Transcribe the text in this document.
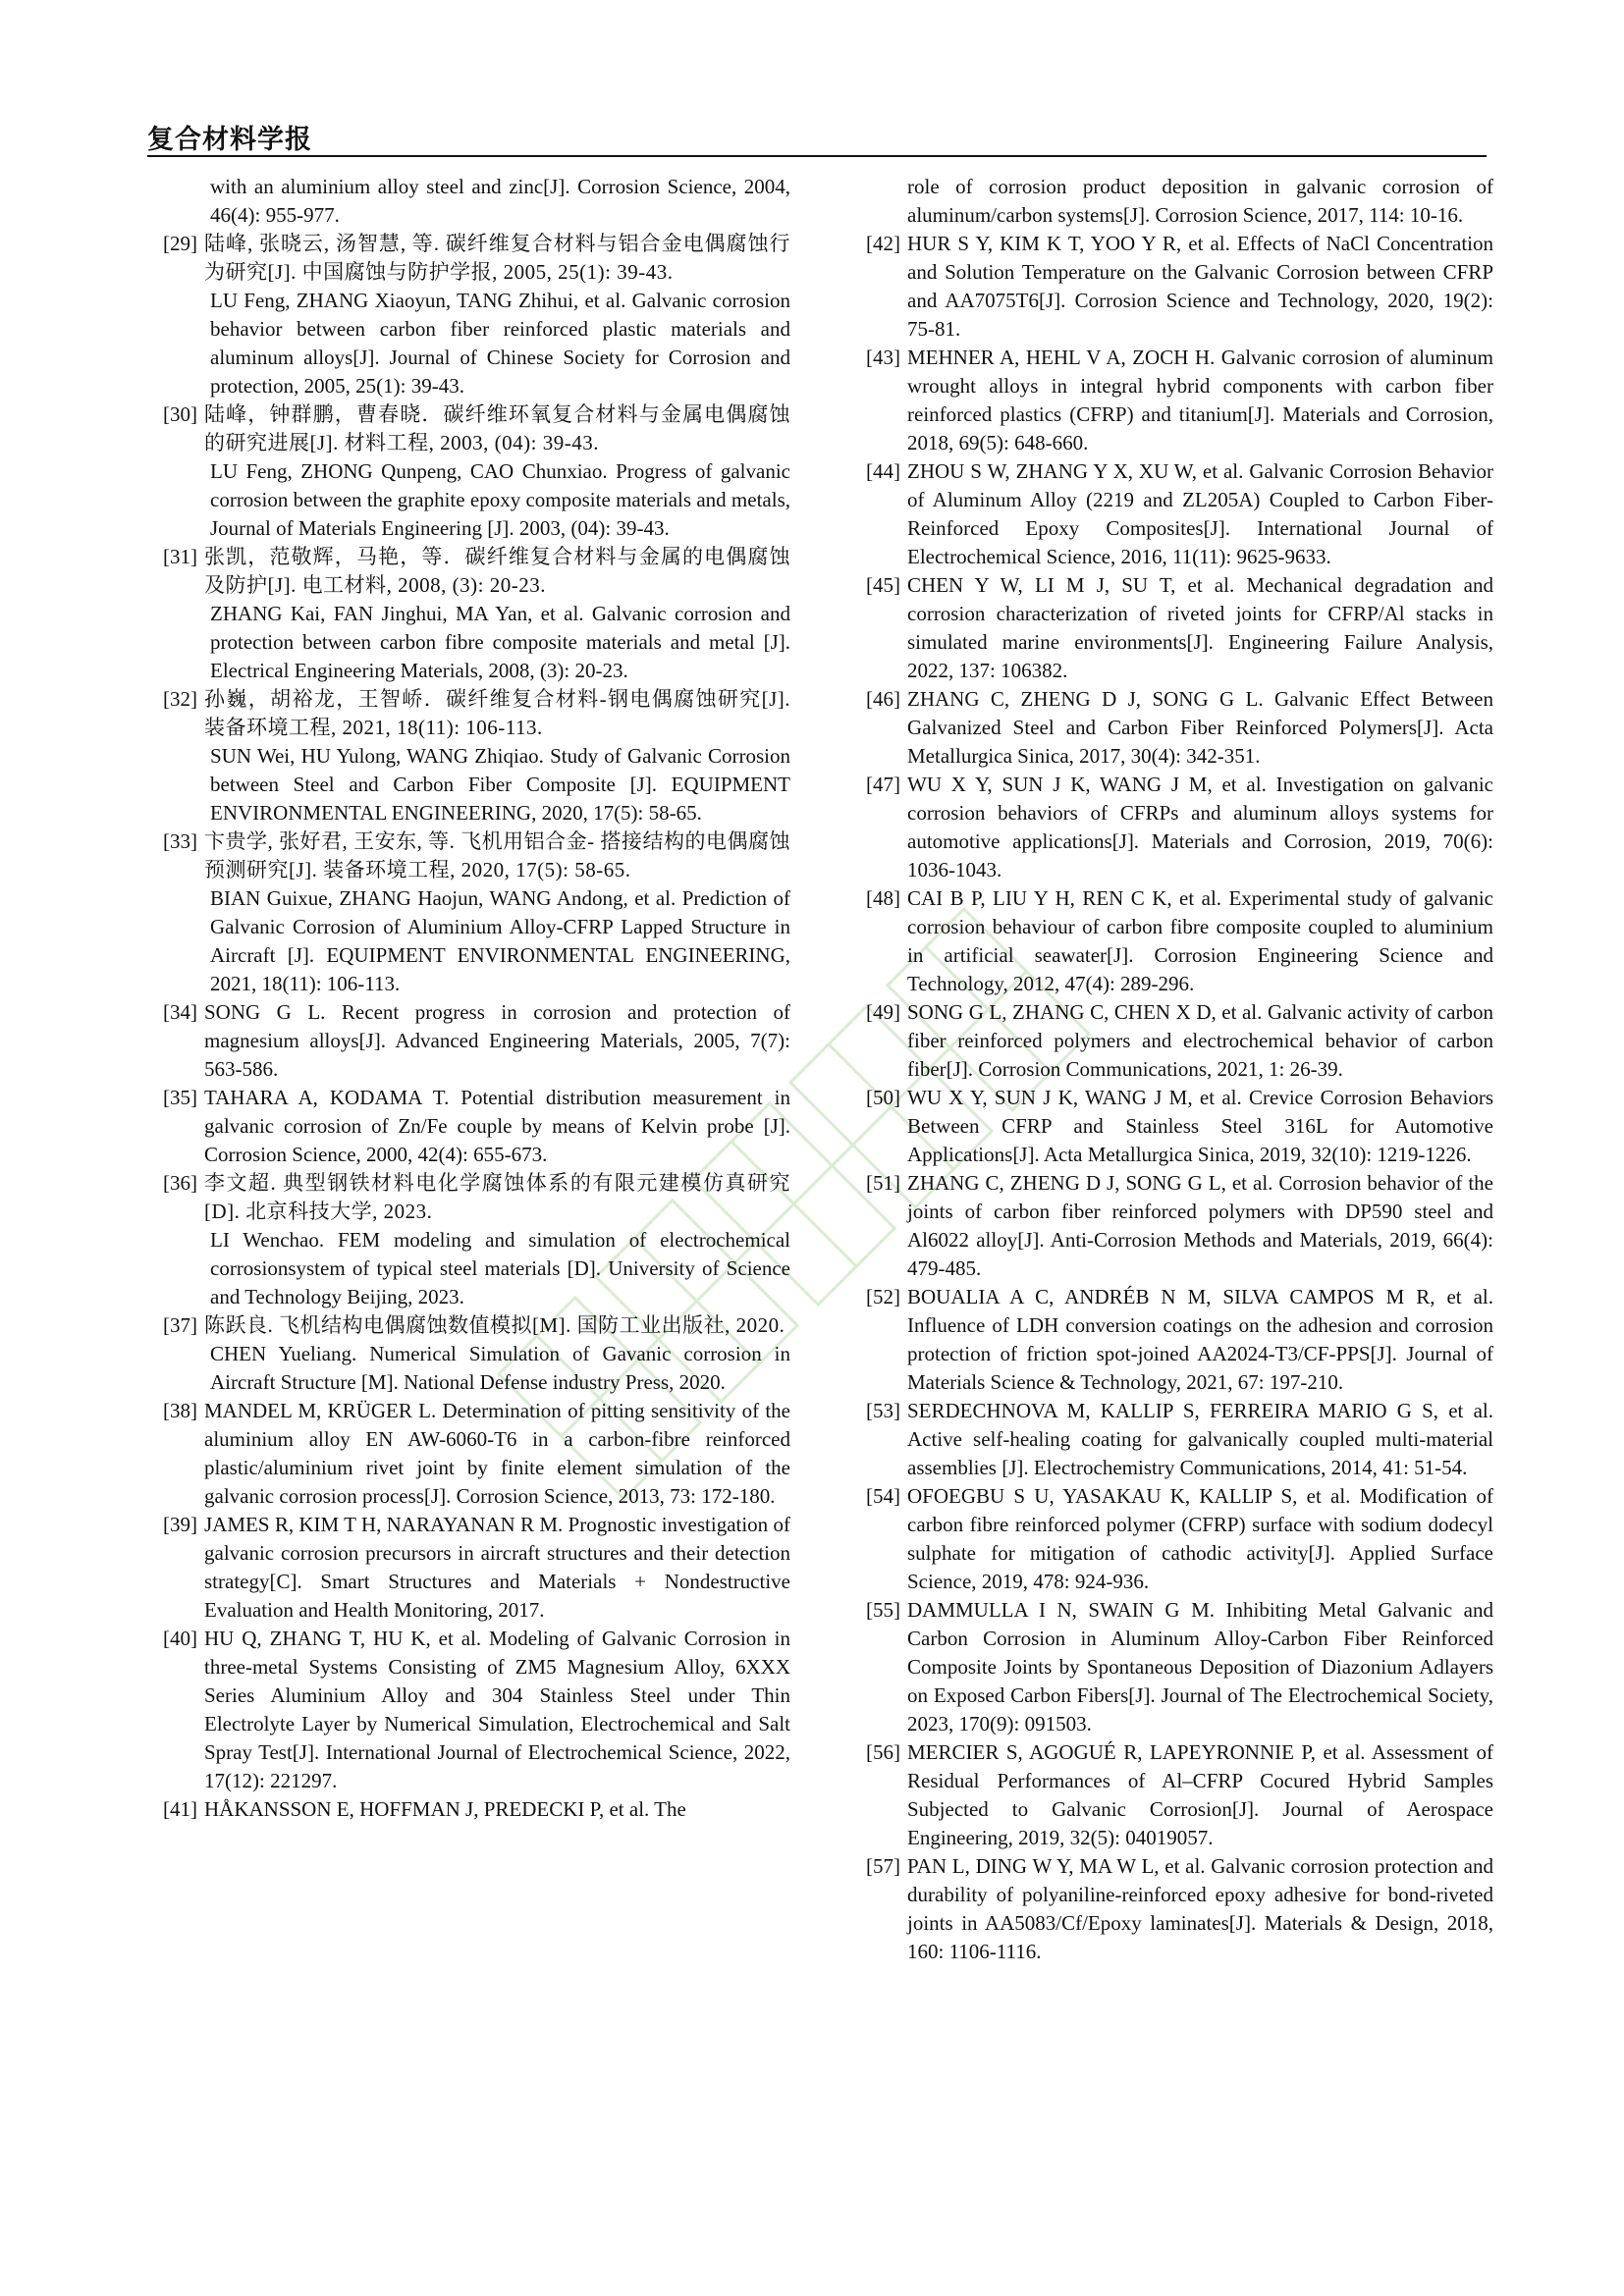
复合材料学报
with an aluminium alloy steel and zinc[J]. Corrosion Science, 2004, 46(4): 955-977.
[29] 陆峰, 张晓云, 汤智慧, 等. 碳纤维复合材料与铝合金电偶腐蚀行为研究[J]. 中国腐蚀与防护学报, 2005, 25(1): 39-43.
LU Feng, ZHANG Xiaoyun, TANG Zhihui, et al. Galvanic corrosion behavior between carbon fiber reinforced plastic materials and aluminum alloys[J]. Journal of Chinese Society for Corrosion and protection, 2005, 25(1): 39-43.
[30] 陆峰，钟群鹏，曹春晓．碳纤维环氧复合材料与金属电偶腐蚀的研究进展[J]. 材料工程, 2003, (04): 39-43.
LU Feng, ZHONG Qunpeng, CAO Chunxiao. Progress of galvanic corrosion between the graphite epoxy composite materials and metals, Journal of Materials Engineering [J]. 2003, (04): 39-43.
[31] 张凯，范敬辉，马艳，等．碳纤维复合材料与金属的电偶腐蚀及防护[J]. 电工材料, 2008, (3): 20-23.
ZHANG Kai, FAN Jinghui, MA Yan, et al. Galvanic corrosion and protection between carbon fibre composite materials and metal [J]. Electrical Engineering Materials, 2008, (3): 20-23.
[32] 孙巍，胡裕龙，王智峤．碳纤维复合材料-钢电偶腐蚀研究[J]. 装备环境工程, 2021, 18(11): 106-113.
SUN Wei, HU Yulong, WANG Zhiqiao. Study of Galvanic Corrosion between Steel and Carbon Fiber Composite [J]. EQUIPMENT ENVIRONMENTAL ENGINEERING, 2020, 17(5): 58-65.
[33] 卞贵学, 张好君, 王安东, 等. 飞机用铝合金- 搭接结构的电偶腐蚀预测研究[J]. 装备环境工程, 2020, 17(5): 58-65.
BIAN Guixue, ZHANG Haojun, WANG Andong, et al. Prediction of Galvanic Corrosion of Aluminium Alloy-CFRP Lapped Structure in Aircraft [J]. EQUIPMENT ENVIRONMENTAL ENGINEERING, 2021, 18(11): 106-113.
[34] SONG G L. Recent progress in corrosion and protection of magnesium alloys[J]. Advanced Engineering Materials, 2005, 7(7): 563-586.
[35] TAHARA A, KODAMA T. Potential distribution measurement in galvanic corrosion of Zn/Fe couple by means of Kelvin probe [J]. Corrosion Science, 2000, 42(4): 655-673.
[36] 李文超. 典型钢铁材料电化学腐蚀体系的有限元建模仿真研究[D]. 北京科技大学, 2023.
LI Wenchao. FEM modeling and simulation of electrochemical corrosionsystem of typical steel materials [D]. University of Science and Technology Beijing, 2023.
[37] 陈跃良. 飞机结构电偶腐蚀数值模拟[M]. 国防工业出版社, 2020.
CHEN Yueliang. Numerical Simulation of Gavanic corrosion in Aircraft Structure [M]. National Defense industry Press, 2020.
[38] MANDEL M, KRÜGER L. Determination of pitting sensitivity of the aluminium alloy EN AW-6060-T6 in a carbon-fibre reinforced plastic/aluminium rivet joint by finite element simulation of the galvanic corrosion process[J]. Corrosion Science, 2013, 73: 172-180.
[39] JAMES R, KIM T H, NARAYANAN R M. Prognostic investigation of galvanic corrosion precursors in aircraft structures and their detection strategy[C]. Smart Structures and Materials + Nondestructive Evaluation and Health Monitoring, 2017.
[40] HU Q, ZHANG T, HU K, et al. Modeling of Galvanic Corrosion in three-metal Systems Consisting of ZM5 Magnesium Alloy, 6XXX Series Aluminium Alloy and 304 Stainless Steel under Thin Electrolyte Layer by Numerical Simulation, Electrochemical and Salt Spray Test[J]. International Journal of Electrochemical Science, 2022, 17(12): 221297.
[41] HÅKANSSON E, HOFFMAN J, PREDECKI P, et al. The
role of corrosion product deposition in galvanic corrosion of aluminum/carbon systems[J]. Corrosion Science, 2017, 114: 10-16.
[42] HUR S Y, KIM K T, YOO Y R, et al. Effects of NaCl Concentration and Solution Temperature on the Galvanic Corrosion between CFRP and AA7075T6[J]. Corrosion Science and Technology, 2020, 19(2): 75-81.
[43] MEHNER A, HEHL V A, ZOCH H. Galvanic corrosion of aluminum wrought alloys in integral hybrid components with carbon fiber reinforced plastics (CFRP) and titanium[J]. Materials and Corrosion, 2018, 69(5): 648-660.
[44] ZHOU S W, ZHANG Y X, XU W, et al. Galvanic Corrosion Behavior of Aluminum Alloy (2219 and ZL205A) Coupled to Carbon Fiber-Reinforced Epoxy Composites[J]. International Journal of Electrochemical Science, 2016, 11(11): 9625-9633.
[45] CHEN Y W, LI M J, SU T, et al. Mechanical degradation and corrosion characterization of riveted joints for CFRP/Al stacks in simulated marine environments[J]. Engineering Failure Analysis, 2022, 137: 106382.
[46] ZHANG C, ZHENG D J, SONG G L. Galvanic Effect Between Galvanized Steel and Carbon Fiber Reinforced Polymers[J]. Acta Metallurgica Sinica, 2017, 30(4): 342-351.
[47] WU X Y, SUN J K, WANG J M, et al. Investigation on galvanic corrosion behaviors of CFRPs and aluminum alloys systems for automotive applications[J]. Materials and Corrosion, 2019, 70(6): 1036-1043.
[48] CAI B P, LIU Y H, REN C K, et al. Experimental study of galvanic corrosion behaviour of carbon fibre composite coupled to aluminium in artificial seawater[J]. Corrosion Engineering Science and Technology, 2012, 47(4): 289-296.
[49] SONG G L, ZHANG C, CHEN X D, et al. Galvanic activity of carbon fiber reinforced polymers and electrochemical behavior of carbon fiber[J]. Corrosion Communications, 2021, 1: 26-39.
[50] WU X Y, SUN J K, WANG J M, et al. Crevice Corrosion Behaviors Between CFRP and Stainless Steel 316L for Automotive Applications[J]. Acta Metallurgica Sinica, 2019, 32(10): 1219-1226.
[51] ZHANG C, ZHENG D J, SONG G L, et al. Corrosion behavior of the joints of carbon fiber reinforced polymers with DP590 steel and Al6022 alloy[J]. Anti-Corrosion Methods and Materials, 2019, 66(4): 479-485.
[52] BOUALIA A C, ANDRÉB N M, SILVA CAMPOS M R, et al. Influence of LDH conversion coatings on the adhesion and corrosion protection of friction spot-joined AA2024-T3/CF-PPS[J]. Journal of Materials Science & Technology, 2021, 67: 197-210.
[53] SERDECHNOVA M, KALLIP S, FERREIRA MARIO G S, et al. Active self-healing coating for galvanically coupled multi-material assemblies [J]. Electrochemistry Communications, 2014, 41: 51-54.
[54] OFOEGBU S U, YASAKAU K, KALLIP S, et al. Modification of carbon fibre reinforced polymer (CFRP) surface with sodium dodecyl sulphate for mitigation of cathodic activity[J]. Applied Surface Science, 2019, 478: 924-936.
[55] DAMMULLA I N, SWAIN G M. Inhibiting Metal Galvanic and Carbon Corrosion in Aluminum Alloy-Carbon Fiber Reinforced Composite Joints by Spontaneous Deposition of Diazonium Adlayers on Exposed Carbon Fibers[J]. Journal of The Electrochemical Society, 2023, 170(9): 091503.
[56] MERCIER S, AGOGUÉ R, LAPEYRONNIE P, et al. Assessment of Residual Performances of Al–CFRP Cocured Hybrid Samples Subjected to Galvanic Corrosion[J]. Journal of Aerospace Engineering, 2019, 32(5): 04019057.
[57] PAN L, DING W Y, MA W L, et al. Galvanic corrosion protection and durability of polyaniline-reinforced epoxy adhesive for bond-riveted joints in AA5083/Cf/Epoxy laminates[J]. Materials & Design, 2018, 160: 1106-1116.
